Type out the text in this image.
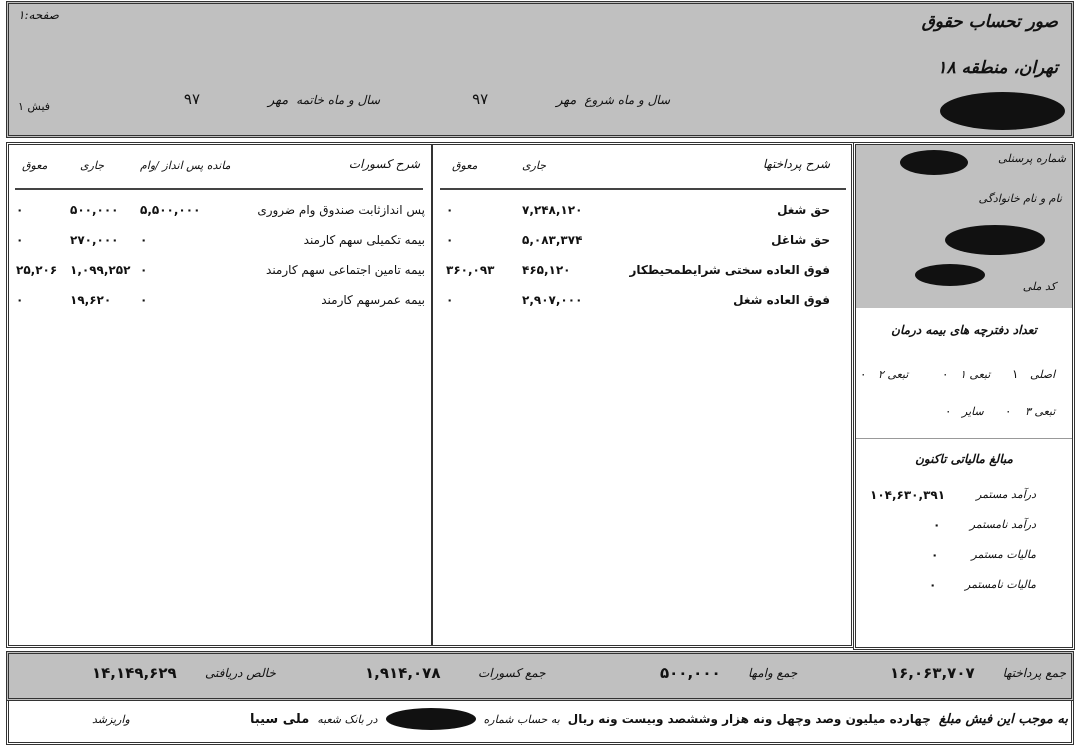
صور تحساب حقوق
تهران، منطقه ۱۸
صفحه:۱
فیش ۱	سال و ماه شروع
مهر
۹۷
سال و ماه خاتمه
مهر
۹۷
شرح کسورات
مانده پس انداز /وام
جاری
معوق
پس اندازثابت صندوق وام ضروری
۵,۵۰۰,۰۰۰
۵۰۰,۰۰۰
۰
بیمه تکمیلی سهم کارمند
۰
۲۷۰,۰۰۰
۰
بیمه تامین اجتماعی سهم کارمند
۰
۱,۰۹۹,۲۵۲
۲۵,۲۰۶
بیمه عمرسهم کارمند
۰
۱۹,۶۲۰
۰
شرح پرداختها
جاری
معوق
حق شغل
۷,۲۴۸,۱۲۰
۰
حق شاغل
۵,۰۸۳,۳۷۴
۰
فوق العاده سختی شرایطمحیطکار
۴۶۵,۱۲۰
۳۶۰,۰۹۳
فوق العاده شغل
۲,۹۰۷,۰۰۰
۰
شماره پرسنلی
نام و نام خانوادگی
کد ملی
تعداد دفترچه های بیمه درمان
اصلی
۱
تبعی ۱
۰
تبعی ۲
۰
تبعی ۳
۰
سایر
۰
مبالغ مالیاتی تاکنون
درآمد مستمر
۱۰۴,۶۳۰,۳۹۱
درآمد نامستمر
۰
مالیات مستمر
۰
مالیات نامستمر
۰
جمع پرداختها
۱۶,۰۶۳,۷۰۷
جمع وامها
۵۰۰,۰۰۰
جمع کسورات
۱,۹۱۴,۰۷۸
خالص دریافتی
۱۴,۱۴۹,۶۲۹
به موجب این فیش مبلغ
چهارده میلیون وصد وچهل ونه هزار وششصد وبیست ونه ریال
به حساب شماره
در بانک شعبه
ملی سیبا
واریزشد
